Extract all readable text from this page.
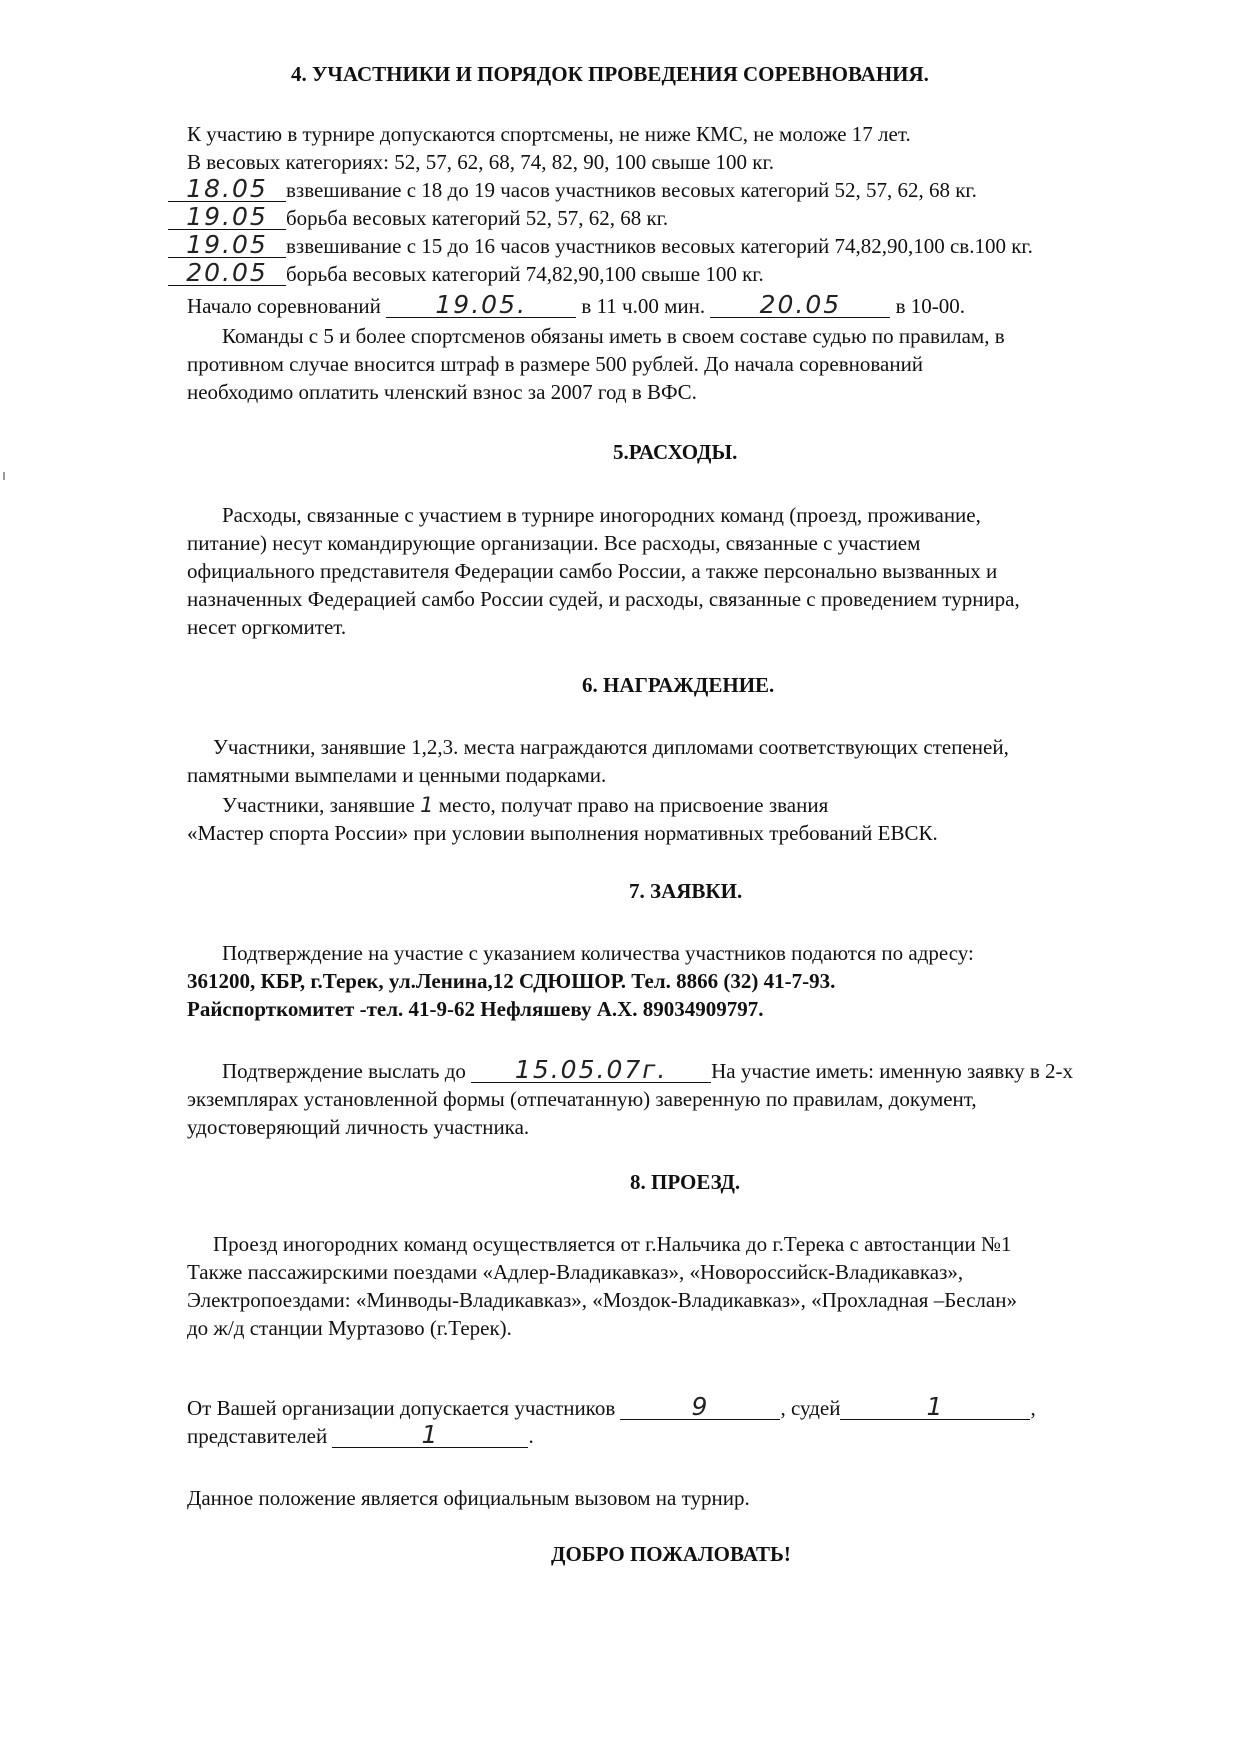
4. УЧАСТНИКИ И ПОРЯДОК ПРОВЕДЕНИЯ СОРЕВНОВАНИЯ.
К участию в турнире допускаются спортсмены, не ниже КМС, не моложе 17 лет.
В весовых категориях: 52, 57, 62, 68, 74, 82, 90, 100 свыше 100 кг.
18.05 взвешивание с 18 до 19 часов участников весовых категорий 52, 57, 62, 68 кг.
19.05 борьба весовых категорий 52, 57, 62, 68 кг.
19.05 взвешивание с 15 до 16 часов участников весовых категорий 74,82,90,100 св.100 кг.
20.05 борьба весовых категорий 74,82,90,100 свыше 100 кг.
Начало соревнований 19.05.	в 11 ч.00 мин. 20.05	в 10-00.
Команды с 5 и более спортсменов обязаны иметь в своем составе судью по правилам, в
противном случае вносится штраф в размере 500 рублей. До начала соревнований
необходимо оплатить членский взнос за 2007 год в ВФС.
5.РАСХОДЫ.
Расходы, связанные с участием в турнире иногородних команд (проезд, проживание,
питание) несут командирующие организации. Все расходы, связанные с участием
официального представителя Федерации самбо России, а также персонально вызванных и
назначенных Федерацией самбо России судей, и расходы, связанные с проведением турнира,
несет оргкомитет.
6. НАГРАЖДЕНИЕ.
Участники, занявшие 1,2,3. места награждаются дипломами соответствующих степеней,
памятными вымпелами и ценными подарками.
Участники, занявшие 1 место, получат право на присвоение звания
«Мастер спорта России» при условии выполнения нормативных требований ЕВСК.
7. ЗАЯВКИ.
Подтверждение на участие с указанием количества участников подаются по адресу:
361200, КБР, г.Терек, ул.Ленина,12 СДЮШОР. Тел. 8866 (32) 41-7-93.
Райспорткомитет -тел. 41-9-62 Нефляшеву А.Х. 89034909797.
Подтверждение выслать до 15.05.07г. На участие иметь: именную заявку в 2-х
экземплярах установленной формы (отпечатанную) заверенную по правилам, документ,
удостоверяющий личность участника.
8. ПРОЕЗД.
Проезд иногородних команд осуществляется от г.Нальчика до г.Терека с автостанции №1
Также пассажирскими поездами «Адлер-Владикавказ», «Новороссийск-Владикавказ»,
Электропоездами: «Минводы-Владикавказ», «Моздок-Владикавказ», «Прохладная –Беслан»
до ж/д станции Муртазово (г.Терек).
От Вашей организации допускается участников	9	, судей	1	,
представителей	1	.
Данное положение является официальным вызовом на турнир.
ДОБРО ПОЖАЛОВАТЬ!
